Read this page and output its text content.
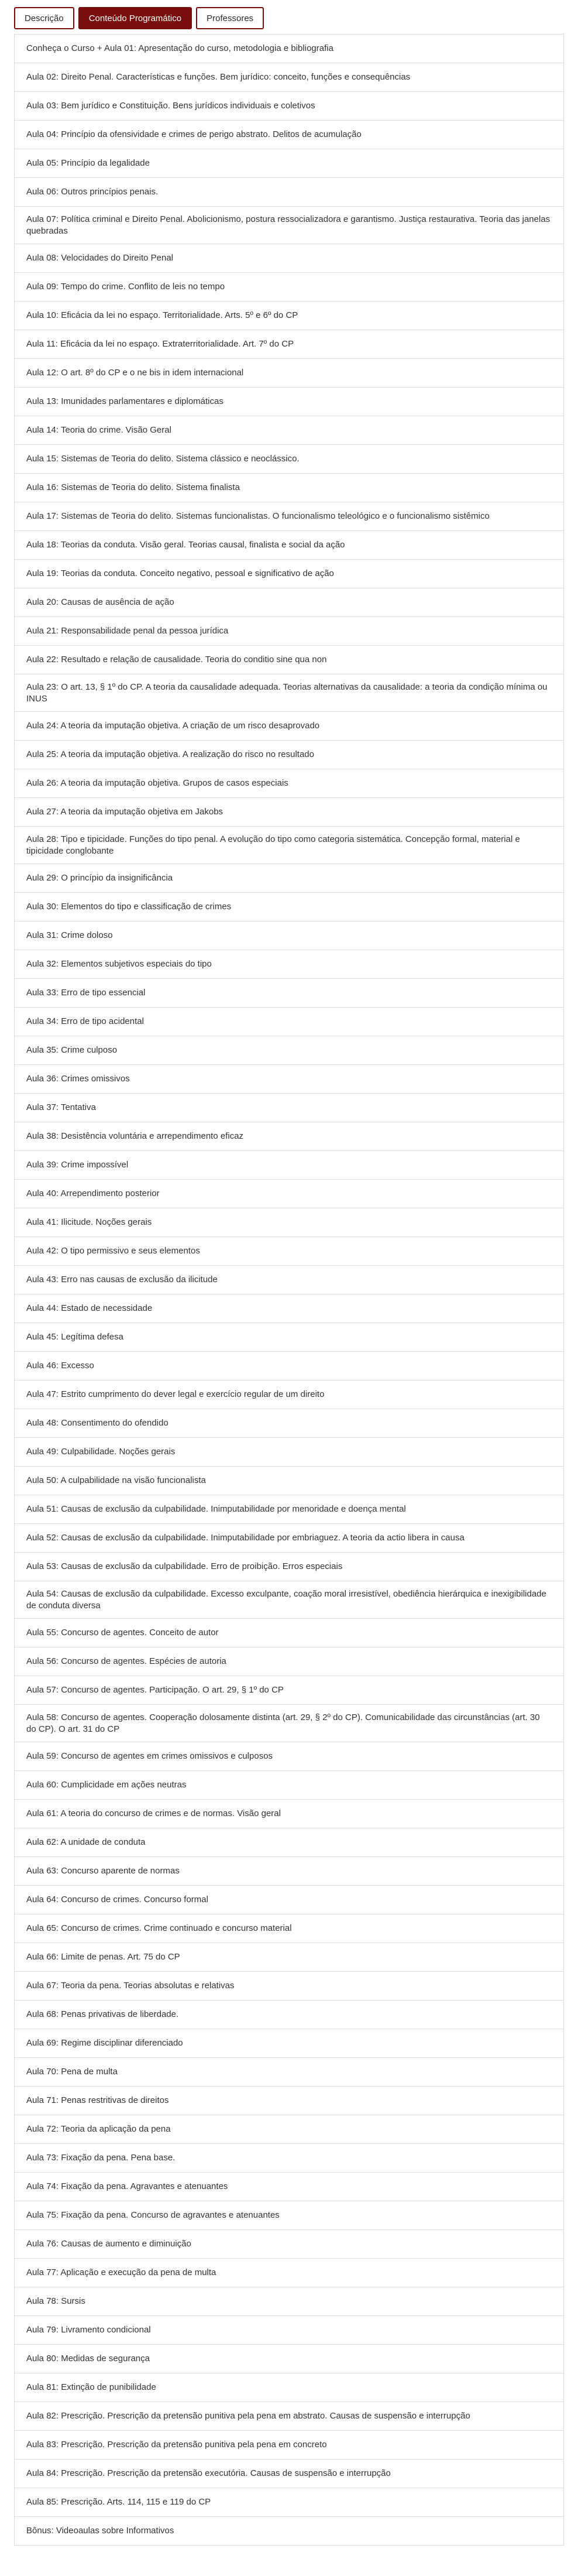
Descrição	Conteúdo Programático	Professores
Conheça o Curso + Aula 01: Apresentação do curso, metodologia e bibliografia
Aula 02: Direito Penal. Características e funções. Bem jurídico: conceito, funções e consequências
Aula 03: Bem jurídico e Constituição. Bens jurídicos individuais e coletivos
Aula 04: Princípio da ofensividade e crimes de perigo abstrato. Delitos de acumulação
Aula 05: Princípio da legalidade
Aula 06: Outros princípios penais.
Aula 07: Política criminal e Direito Penal. Abolicionismo, postura ressocializadora e garantismo. Justiça restaurativa. Teoria das janelas quebradas
Aula 08: Velocidades do Direito Penal
Aula 09: Tempo do crime. Conflito de leis no tempo
Aula 10: Eficácia da lei no espaço. Territorialidade. Arts. 5º e 6º do CP
Aula 11: Eficácia da lei no espaço. Extraterritorialidade. Art. 7º do CP
Aula 12: O art. 8º do CP e o ne bis in idem internacional
Aula 13: Imunidades parlamentares e diplomáticas
Aula 14: Teoria do crime. Visão Geral
Aula 15: Sistemas de Teoria do delito. Sistema clássico e neoclássico.
Aula 16: Sistemas de Teoria do delito. Sistema finalista
Aula 17: Sistemas de Teoria do delito. Sistemas funcionalistas. O funcionalismo teleológico e o funcionalismo sistêmico
Aula 18: Teorias da conduta. Visão geral. Teorias causal, finalista e social da ação
Aula 19: Teorias da conduta. Conceito negativo, pessoal e significativo de ação
Aula 20: Causas de ausência de ação
Aula 21: Responsabilidade penal da pessoa jurídica
Aula 22: Resultado e relação de causalidade. Teoria do conditio sine qua non
Aula 23: O art. 13, § 1º do CP. A teoria da causalidade adequada. Teorias alternativas da causalidade: a teoria da condição mínima ou INUS
Aula 24: A teoria da imputação objetiva. A criação de um risco desaprovado
Aula 25: A teoria da imputação objetiva. A realização do risco no resultado
Aula 26: A teoria da imputação objetiva. Grupos de casos especiais
Aula 27: A teoria da imputação objetiva em Jakobs
Aula 28: Tipo e tipicidade. Funções do tipo penal. A evolução do tipo como categoria sistemática. Concepção formal, material e tipicidade conglobante
Aula 29: O princípio da insignificância
Aula 30: Elementos do tipo e classificação de crimes
Aula 31: Crime doloso
Aula 32: Elementos subjetivos especiais do tipo
Aula 33: Erro de tipo essencial
Aula 34: Erro de tipo acidental
Aula 35: Crime culposo
Aula 36: Crimes omissivos
Aula 37: Tentativa
Aula 38: Desistência voluntária e arrependimento eficaz
Aula 39: Crime impossível
Aula 40: Arrependimento posterior
Aula 41: Ilicitude. Noções gerais
Aula 42: O tipo permissivo e seus elementos
Aula 43: Erro nas causas de exclusão da ilicitude
Aula 44: Estado de necessidade
Aula 45: Legítima defesa
Aula 46: Excesso
Aula 47: Estrito cumprimento do dever legal e exercício regular de um direito
Aula 48: Consentimento do ofendido
Aula 49: Culpabilidade. Noções gerais
Aula 50: A culpabilidade na visão funcionalista
Aula 51: Causas de exclusão da culpabilidade. Inimputabilidade por menoridade e doença mental
Aula 52: Causas de exclusão da culpabilidade. Inimputabilidade por embriaguez. A teoria da actio libera in causa
Aula 53: Causas de exclusão da culpabilidade. Erro de proibição. Erros especiais
Aula 54: Causas de exclusão da culpabilidade. Excesso exculpante, coação moral irresistível, obediência hierárquica e inexigibilidade de conduta diversa
Aula 55: Concurso de agentes. Conceito de autor
Aula 56: Concurso de agentes. Espécies de autoria
Aula 57: Concurso de agentes. Participação. O art. 29, § 1º do CP
Aula 58: Concurso de agentes. Cooperação dolosamente distinta (art. 29, § 2º do CP). Comunicabilidade das circunstâncias (art. 30 do CP). O art. 31 do CP
Aula 59: Concurso de agentes em crimes omissivos e culposos
Aula 60: Cumplicidade em ações neutras
Aula 61: A teoria do concurso de crimes e de normas. Visão geral
Aula 62: A unidade de conduta
Aula 63: Concurso aparente de normas
Aula 64: Concurso de crimes. Concurso formal
Aula 65: Concurso de crimes. Crime continuado e concurso material
Aula 66: Limite de penas. Art. 75 do CP
Aula 67: Teoria da pena. Teorias absolutas e relativas
Aula 68: Penas privativas de liberdade.
Aula 69: Regime disciplinar diferenciado
Aula 70: Pena de multa
Aula 71: Penas restritivas de direitos
Aula 72: Teoria da aplicação da pena
Aula 73: Fixação da pena. Pena base.
Aula 74: Fixação da pena. Agravantes e atenuantes
Aula 75: Fixação da pena. Concurso de agravantes e atenuantes
Aula 76: Causas de aumento e diminuição
Aula 77: Aplicação e execução da pena de multa
Aula 78: Sursis
Aula 79: Livramento condicional
Aula 80: Medidas de segurança
Aula 81: Extinção de punibilidade
Aula 82: Prescrição. Prescrição da pretensão punitiva pela pena em abstrato. Causas de suspensão e interrupção
Aula 83: Prescrição. Prescrição da pretensão punitiva pela pena em concreto
Aula 84: Prescrição. Prescrição da pretensão executória. Causas de suspensão e interrupção
Aula 85: Prescrição. Arts. 114, 115 e 119 do CP
Bônus: Videoaulas sobre Informativos
